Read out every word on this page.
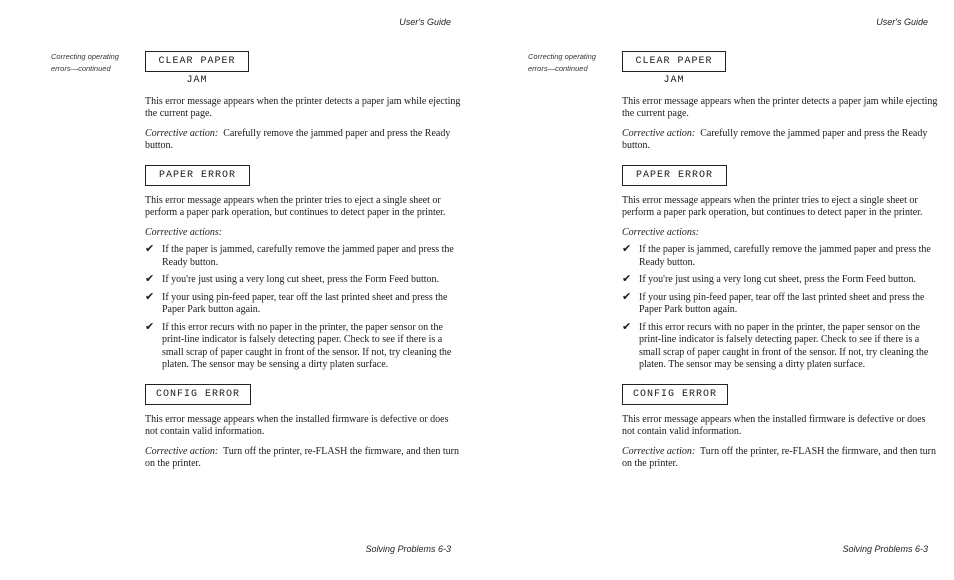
User's Guide
Correcting operating
errors—continued
CLEAR PAPER JAM

This error message appears when the printer detects a paper jam while ejecting the current page.

Corrective action: Carefully remove the jammed paper and press the Ready button.

PAPER ERROR

This error message appears when the printer tries to eject a single sheet or perform a paper park operation, but continues to detect paper in the printer.

Corrective actions:

✔ If the paper is jammed, carefully remove the jammed paper and press the Ready button.
✔ If you're just using a very long cut sheet, press the Form Feed button.
✔ If your using pin-feed paper, tear off the last printed sheet and press the Paper Park button again.
✔ If this error recurs with no paper in the printer, the paper sensor on the print-line indicator is falsely detecting paper. Check to see if there is a small scrap of paper caught in front of the sensor. If not, try cleaning the platen. The sensor may be sensing a dirty platen surface.
CONFIG ERROR

This error message appears when the installed firmware is defective or does not contain valid information.

Corrective action: Turn off the printer, re-FLASH the firmware, and then turn on the printer.

Solving Problems 6-3
User's Guide
Correcting operating
errors—continued
CLEAR PAPER JAM

This error message appears when the printer detects a paper jam while ejecting the current page.

Corrective action: Carefully remove the jammed paper and press the Ready button.

PAPER ERROR

This error message appears when the printer tries to eject a single sheet or perform a paper park operation, but continues to detect paper in the printer.

Corrective actions:

✔ If the paper is jammed, carefully remove the jammed paper and press the Ready button.
✔ If you're just using a very long cut sheet, press the Form Feed button.
✔ If your using pin-feed paper, tear off the last printed sheet and press the Paper Park button again.
✔ If this error recurs with no paper in the printer, the paper sensor on the print-line indicator is falsely detecting paper. Check to see if there is a small scrap of paper caught in front of the sensor. If not, try cleaning the platen. The sensor may be sensing a dirty platen surface.
CONFIG ERROR

This error message appears when the installed firmware is defective or does not contain valid information.

Corrective action: Turn off the printer, re-FLASH the firmware, and then turn on the printer.

Solving Problems 6-3
